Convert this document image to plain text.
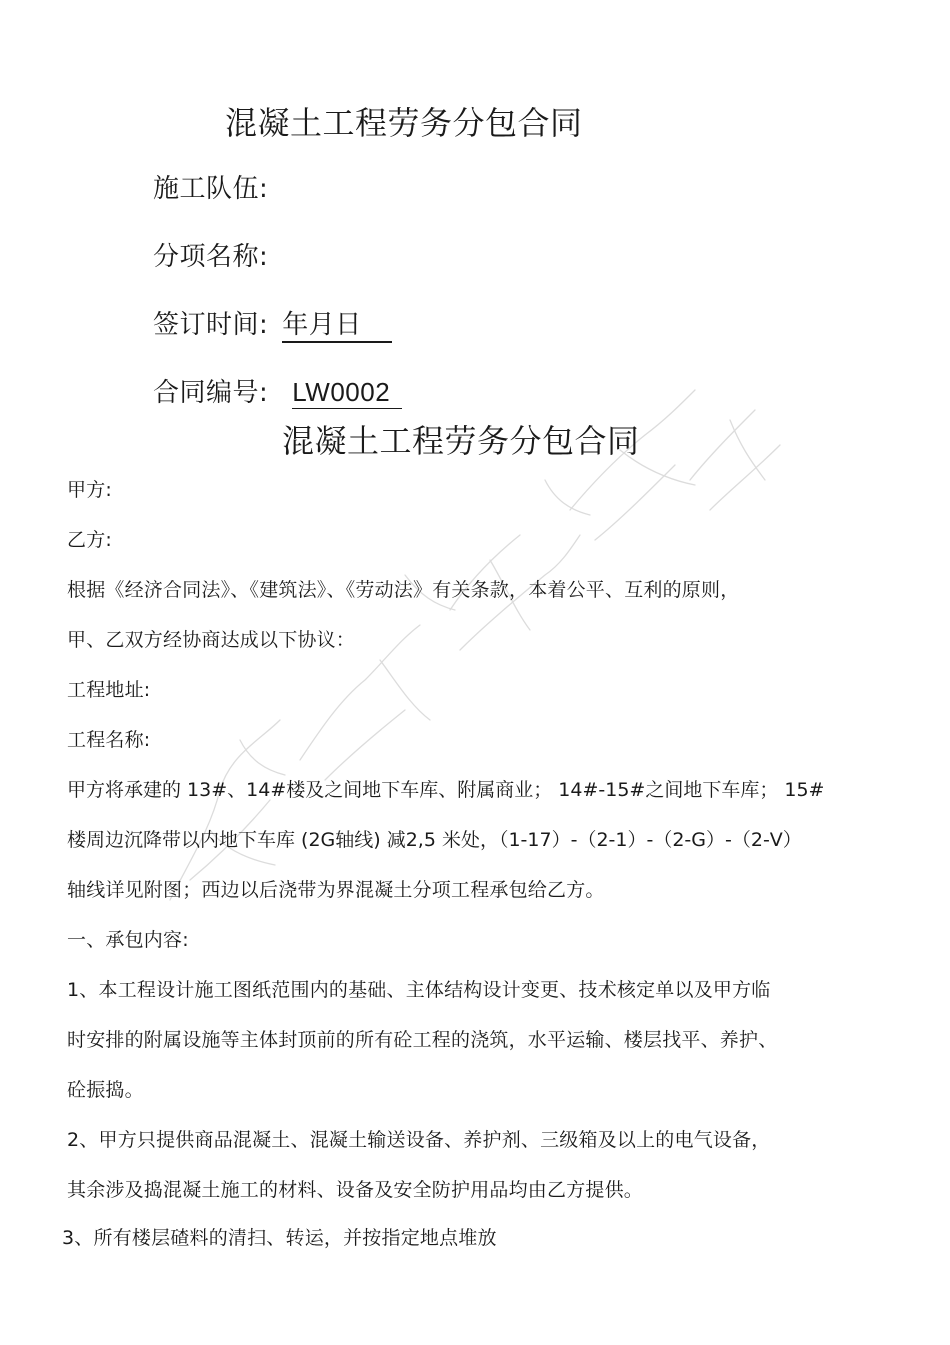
混凝土工程劳务分包合同
施工队伍:
分项名称:
签订时间: 年月日
合同编号: LW0002
混凝土工程劳务分包合同
甲方:
乙方:
根据《经济合同法》、《建筑法》、《劳动法》有关条款，本着公平、互利的原则，
甲、乙双方经协商达成以下协议：
工程地址:
工程名称:
甲方将承建的 13#、14#楼及之间地下车库、附属商业； 14#-15#之间地下车库； 15#
楼周边沉降带以内地下车库 (2G轴线) 减2,5 米处，（1-17）-（2-1）-（2-G）-（2-V）
轴线详见附图；西边以后浇带为界混凝土分项工程承包给乙方。
一、承包内容:
1、本工程设计施工图纸范围内的基础、主体结构设计变更、技术核定单以及甲方临
时安排的附属设施等主体封顶前的所有砼工程的浇筑，水平运输、楼层找平、养护、
砼振捣。
2、甲方只提供商品混凝土、混凝土输送设备、养护剂、三级箱及以上的电气设备，
其余涉及捣混凝土施工的材料、设备及安全防护用品均由乙方提供。
3、所有楼层碴料的清扫、转运，并按指定地点堆放
